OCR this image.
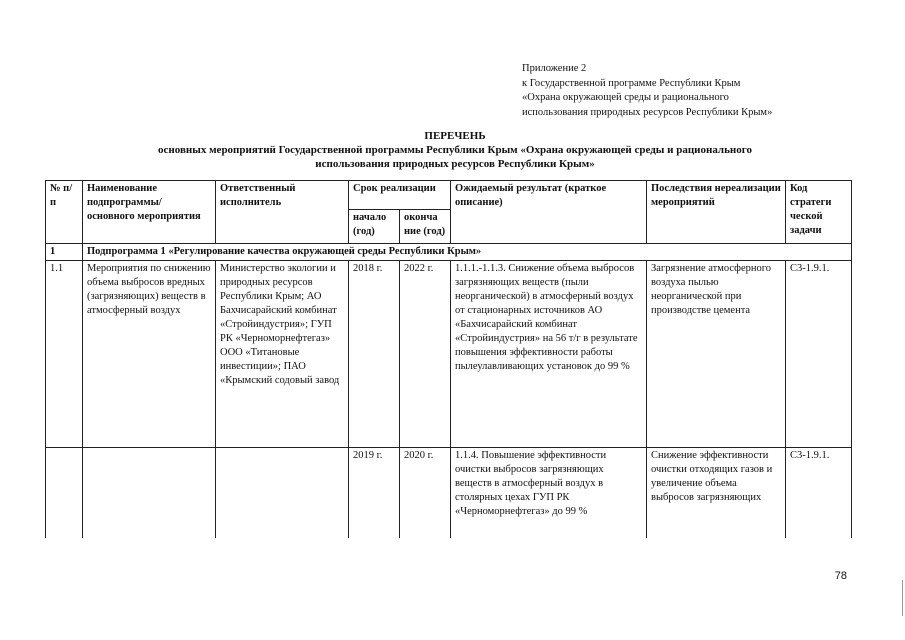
Приложение 2
к Государственной программе Республики Крым
«Охрана окружающей среды и рационального
использования природных ресурсов Республики Крым»
ПЕРЕЧЕНЬ
основных мероприятий Государственной программы Республики Крым «Охрана окружающей среды и рационального
использования природных ресурсов Республики Крым»
№ п/п	Наименование подпрограммы/ основного мероприятия	Ответственный исполнитель	Срок реализации		Ожидаемый результат (краткое описание)	Последствия нереализации мероприятий	Код стратеги ческой задачи
			начало (год)	оконча ние (год)			
1	Подпрограмма 1 «Регулирование качества окружающей среды Республики Крым»						
1.1	Мероприятия по снижению объема выбросов вредных (загрязняющих) веществ в атмосферный воздух	Министерство экологии и природных ресурсов Республики Крым; АО Бахчисарайский комбинат «Стройиндустрия»; ГУП РК «Черноморнефтегаз» ООО «Титановые инвестиции»; ПАО «Крымский содовый завод	2018 г.	2022 г.	1.1.1.-1.1.3. Снижение объема выбросов загрязняющих веществ (пыли неорганической) в атмосферный воздух от стационарных источников АО «Бахчисарайский комбинат «Стройиндустрия» на 56 т/г в результате повышения эффективности работы пылеулавливающих установок до 99 %	Загрязнение атмосферного воздуха пылью неорганической при производстве цемента	С3-1.9.1.
			2019 г.	2020 г.	1.1.4. Повышение эффективности очистки выбросов загрязняющих веществ в атмосферный воздух в столярных цехах ГУП РК «Черноморнефтегаз» до 99 %	Снижение эффективности очистки отходящих газов и увеличение объема выбросов загрязняющих	С3-1.9.1.
78
